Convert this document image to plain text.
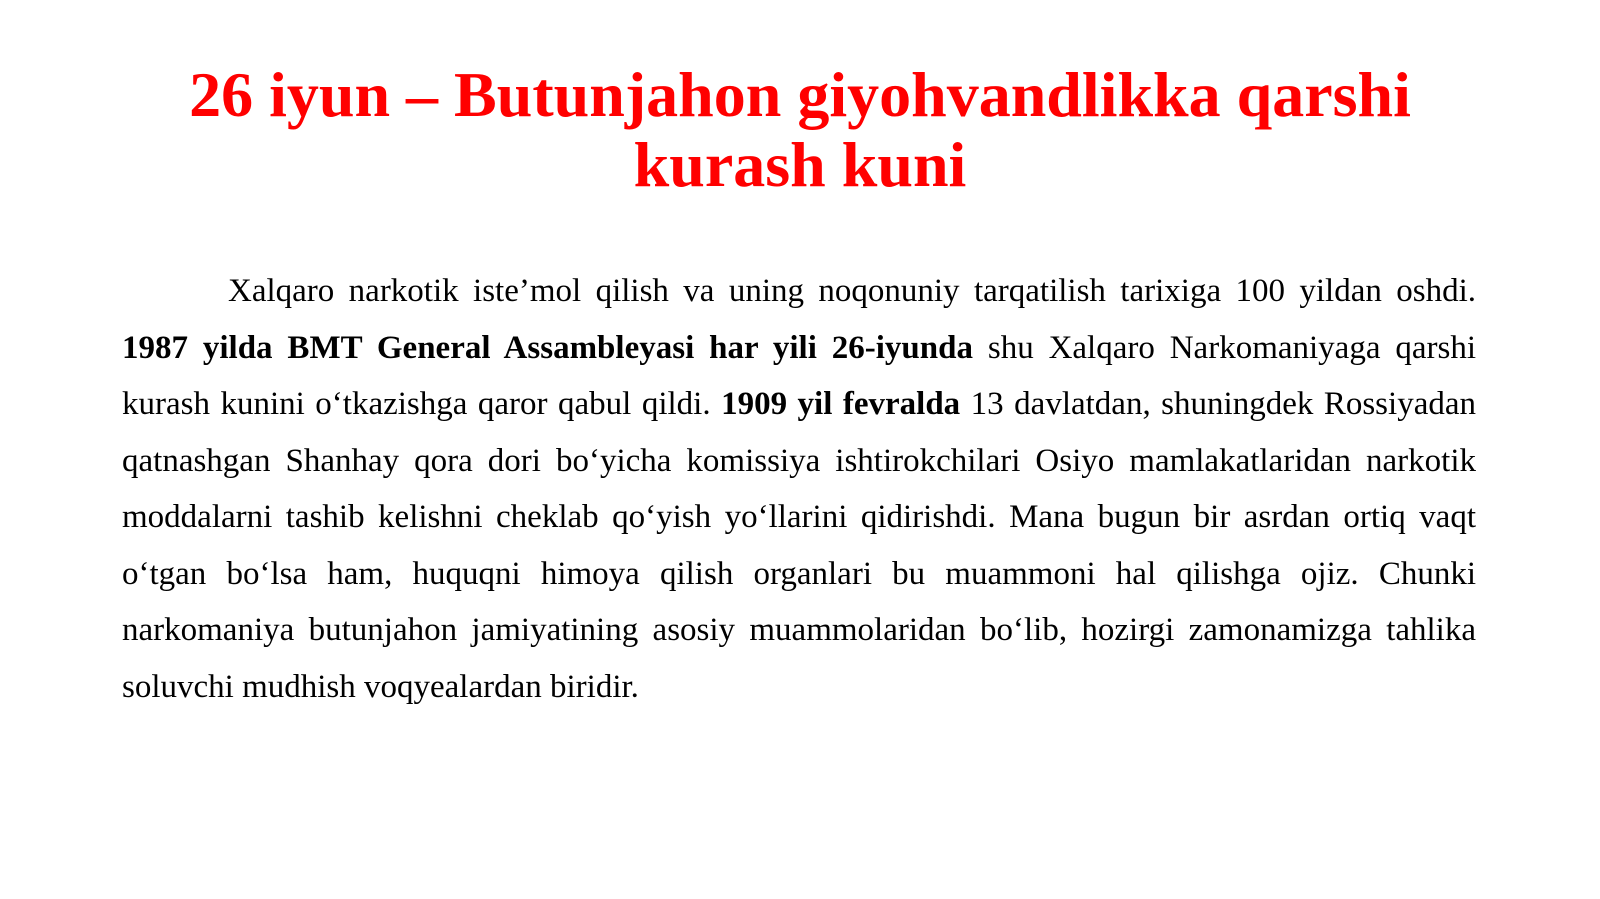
26 iyun – Butunjahon giyohvandlikka qarshi
kurash kuni

Xalqaro narkotik iste’mol qilish va uning noqonuniy tarqatilish tarixiga 100 yildan oshdi. 1987 yilda BMT General Assambleyasi har yili 26-iyunda shu Xalqaro Narkomaniyaga qarshi kurash kunini o‘tkazishga qaror qabul qildi. 1909 yil fevralda 13 davlatdan, shuningdek Rossiyadan qatnashgan Shanhay qora dori bo‘yicha komissiya ishtirokchilari Osiyo mamlakatlaridan narkotik moddalarni tashib kelishni cheklab qo‘yish yo‘llarini qidirishdi. Mana bugun bir asrdan ortiq vaqt o‘tgan bo‘lsa ham, huquqni himoya qilish organlari bu muammoni hal qilishga ojiz. Chunki narkomaniya butunjahon jamiyatining asosiy muammolaridan bo‘lib, hozirgi zamonamizga tahlika soluvchi mudhish voqyealardan biridir.
